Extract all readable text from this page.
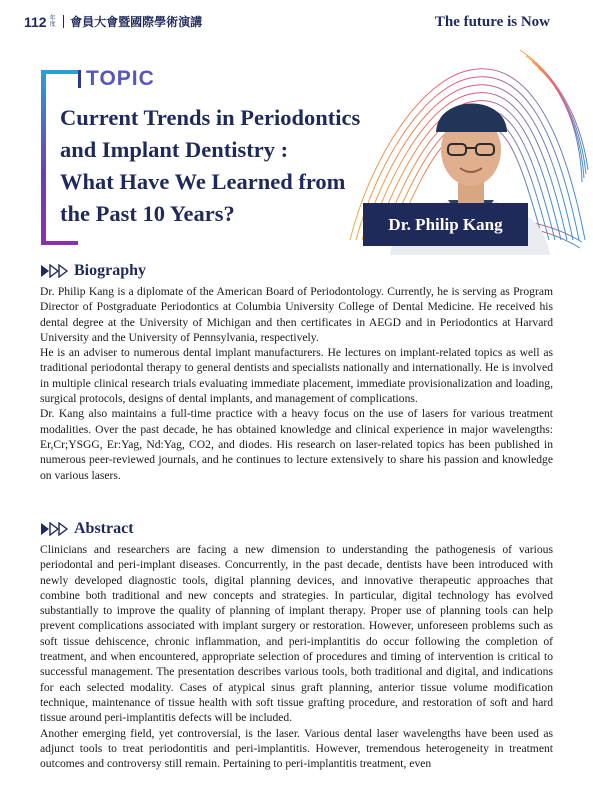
112 年度 會員大會暨國際學術演講	The future is Now
TOPIC
Current Trends in Periodontics
and Implant Dentistry :
What Have We Learned from
the Past 10 Years?	Dr. Philip Kang
Biography

Dr. Philip Kang is a diplomate of the American Board of Periodontology. Currently, he is serving as Program Director of Postgraduate Periodontics at Columbia University College of Dental Medicine. He received his dental degree at the University of Michigan and then certificates in AEGD and in Periodontics at Harvard University and the University of Pennsylvania, respectively.

He is an adviser to numerous dental implant manufacturers. He lectures on implant-related topics as well as traditional periodontal therapy to general dentists and specialists nationally and internationally. He is involved in multiple clinical research trials evaluating immediate placement, immediate provisionalization and loading, surgical protocols, designs of dental implants, and management of complications.

Dr. Kang also maintains a full-time practice with a heavy focus on the use of lasers for various treatment modalities. Over the past decade, he has obtained knowledge and clinical experience in major wavelengths: Er,Cr;YSGG, Er:Yag, Nd:Yag, CO2, and diodes. His research on laser-related topics has been published in numerous peer-reviewed journals, and he continues to lecture extensively to share his passion and knowledge on various lasers.

Abstract

Clinicians and researchers are facing a new dimension to understanding the pathogenesis of various periodontal and peri-implant diseases. Concurrently, in the past decade, dentists have been introduced with newly developed diagnostic tools, digital planning devices, and innovative therapeutic approaches that combine both traditional and new concepts and strategies. In particular, digital technology has evolved substantially to improve the quality of planning of implant therapy. Proper use of planning tools can help prevent complications associated with implant surgery or restoration. However, unforeseen problems such as soft tissue dehiscence, chronic inflammation, and peri-implantitis do occur following the completion of treatment, and when encountered, appropriate selection of procedures and timing of intervention is critical to successful management. The presentation describes various tools, both traditional and digital, and indications for each selected modality. Cases of atypical sinus graft planning, anterior tissue volume modification technique, maintenance of tissue health with soft tissue grafting procedure, and restoration of soft and hard tissue around peri-implantitis defects will be included.

Another emerging field, yet controversial, is the laser. Various dental laser wavelengths have been used as adjunct tools to treat periodontitis and peri-implantitis. However, tremendous heterogeneity in treatment outcomes and controversy still remain. Pertaining to peri-implantitis treatment, even
